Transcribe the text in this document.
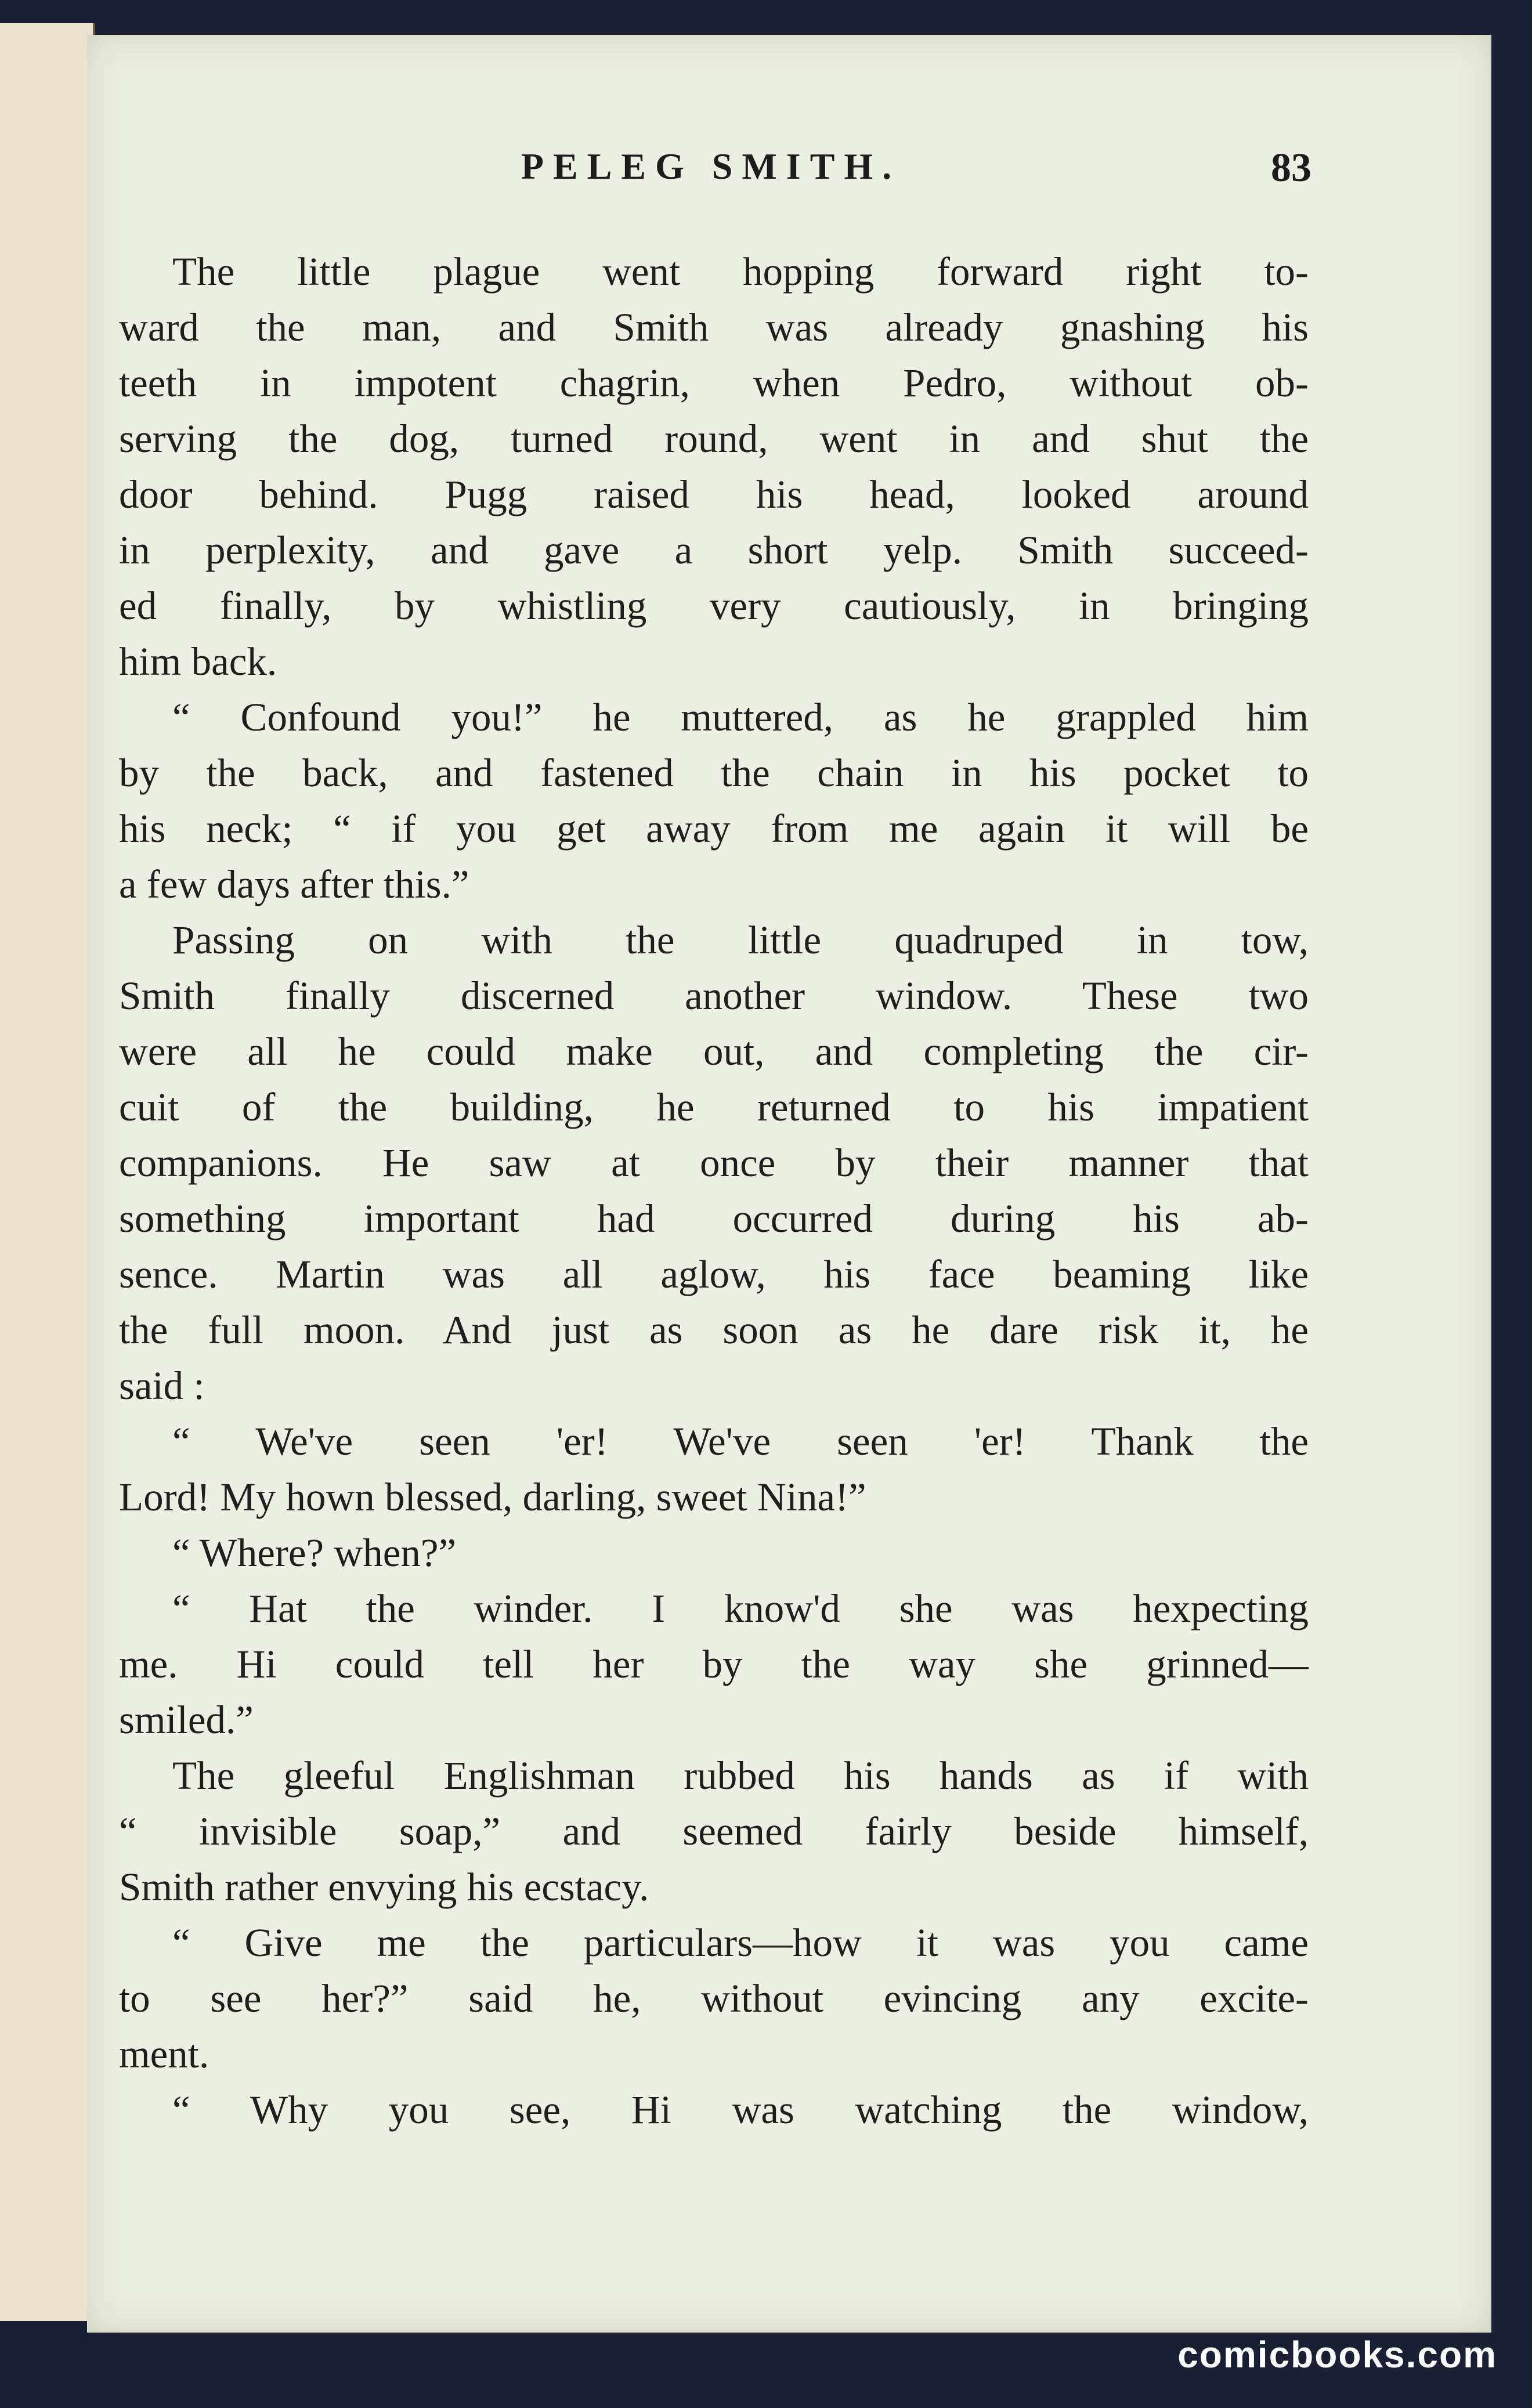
PELEG SMITH.	83
The little plague went hopping forward right to-
ward the man, and Smith was already gnashing his
teeth in impotent chagrin, when Pedro, without ob-
serving the dog, turned round, went in and shut the
door behind. Pugg raised his head, looked around
in perplexity, and gave a short yelp. Smith succeed-
ed finally, by whistling very cautiously, in bringing
him back.
“ Confound you!” he muttered, as he grappled him
by the back, and fastened the chain in his pocket to
his neck; “ if you get away from me again it will be
a few days after this.”
Passing on with the little quadruped in tow,
Smith finally discerned another window. These two
were all he could make out, and completing the cir-
cuit of the building, he returned to his impatient
companions. He saw at once by their manner that
something important had occurred during his ab-
sence. Martin was all aglow, his face beaming like
the full moon. And just as soon as he dare risk it, he
said :
“ We've seen 'er! We've seen 'er! Thank the
Lord! My hown blessed, darling, sweet Nina!”
“ Where? when?”
“ Hat the winder. I know'd she was hexpecting
me. Hi could tell her by the way she grinned—
smiled.”
The gleeful Englishman rubbed his hands as if with
“ invisible soap,” and seemed fairly beside himself,
Smith rather envying his ecstacy.
“ Give me the particulars—how it was you came
to see her?” said he, without evincing any excite-
ment.
“ Why you see, Hi was watching the window,
comicbooks.com
